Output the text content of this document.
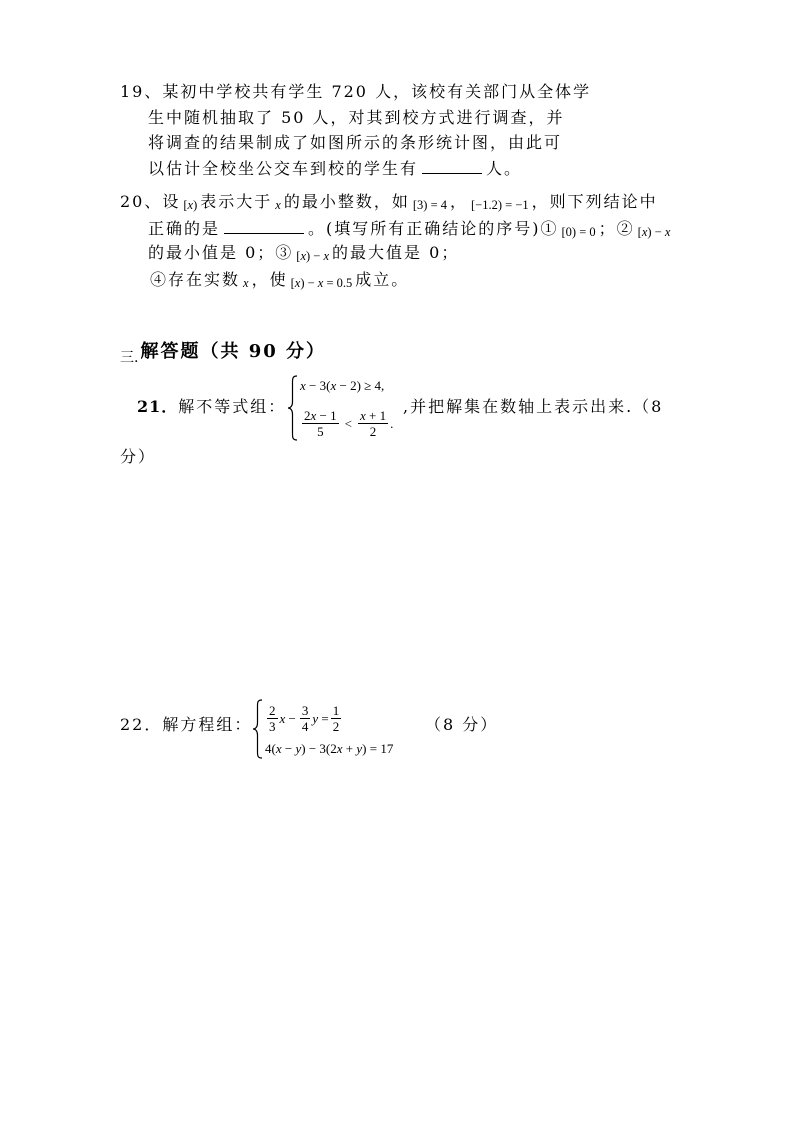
19、某初中学校共有学生 720 人，该校有关部门从全体学
生中随机抽取了 50 人，对其到校方式进行调查，并
将调查的结果制成了如图所示的条形统计图，由此可
以估计全校坐公交车到校的学生有	人。
20、设 [x) 表示大于 x 的最小整数，如 [3) = 4 ， [−1.2) = −1 ，则下列结论中
正确的是	。(填写所有正确结论的序号)① [0) = 0 ；② [x) − x
的最小值是 0；③ [x) − x 的最大值是 0；
④存在实数 x ，使 [x) − x = 0.5 成立。
三. 解答题（共 90 分）
21．解不等式组：
x − 3(x − 2) ≥ 4,
$\frac{2x - 1}{5} < \frac{x + 1}{2}$ .
,并把解集在数轴上表示出来.（8
分）
22．解方程组： $\frac{2}{3}$ $x - \frac{3}{4}$ $y = \frac{1}{2}$
4(x − y) − 3(2x + y) = 17
（8 分）
